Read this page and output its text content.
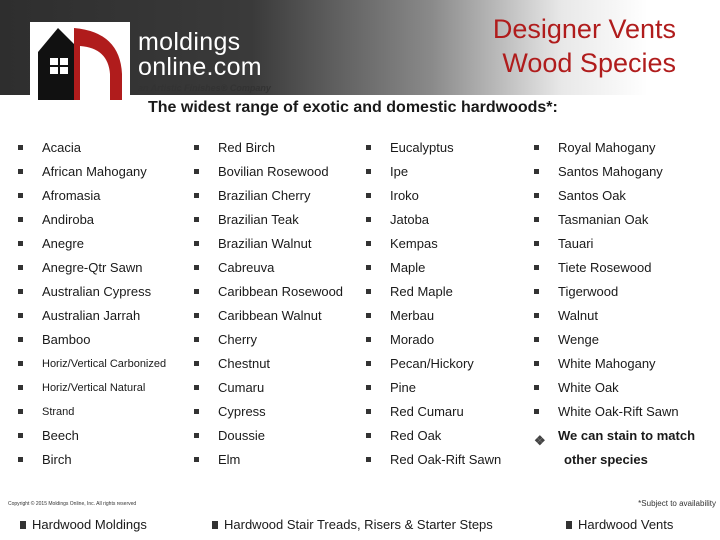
moldings
online.com
an Artistic Finishes® Company
Designer Vents
Wood Species
The widest range of exotic and domestic hardwoods*:
Acacia
African Mahogany
Afromasia
Andiroba
Anegre
Anegre-Qtr Sawn
Australian Cypress
Australian Jarrah
Bamboo
Horiz/Vertical Carbonized
Horiz/Vertical Natural
Strand
Beech
Birch
Red Birch
Bovilian Rosewood
Brazilian Cherry
Brazilian Teak
Brazilian Walnut
Cabreuva
Caribbean Rosewood
Caribbean Walnut
Cherry
Chestnut
Cumaru
Cypress
Doussie
Elm
Eucalyptus
Ipe
Iroko
Jatoba
Kempas
Maple
Red Maple
Merbau
Morado
Pecan/Hickory
Pine
Red Cumaru
Red Oak
Red Oak-Rift Sawn
Royal Mahogany
Santos Mahogany
Santos Oak
Tasmanian Oak
Tauari
Tiete Rosewood
Tigerwood
Walnut
Wenge
White Mahogany
White Oak
White Oak-Rift Sawn
❖ We can stain to match
other species
Copyright © 2015 Moldings Online, Inc. All rights reserved	*Subject to availability
Hardwood Moldings	Hardwood Stair Treads, Risers & Starter Steps	Hardwood Vents
